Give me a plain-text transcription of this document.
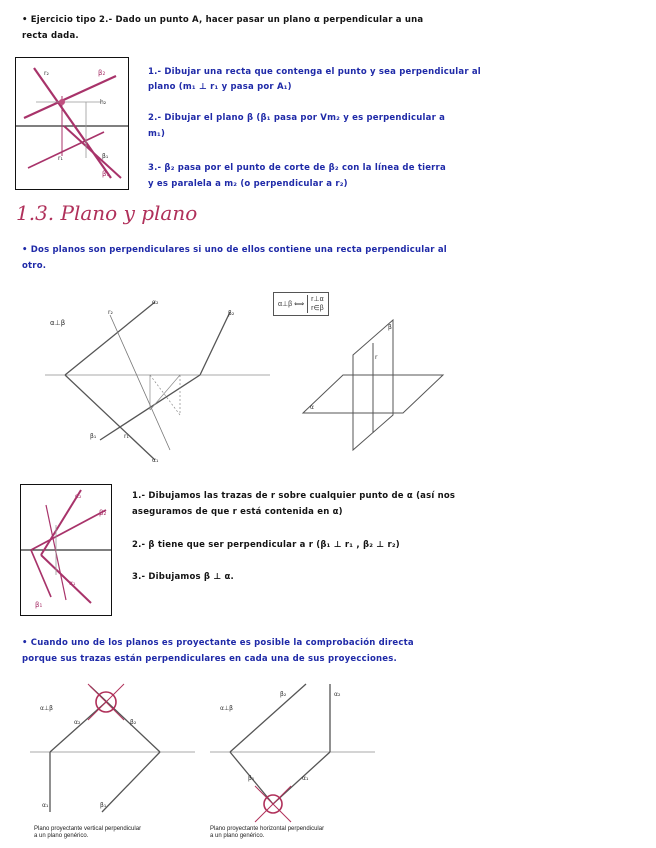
• Ejercicio tipo 2.- Dado un punto A, hacer pasar un plano α perpendicular a una
recta dada.
r₂	β₂
h₂
β₁
β₁
r₁
1.- Dibujar una recta que contenga el punto y sea perpendicular al
plano (m₁ ⊥ r₁ y pasa por A₁)
2.- Dibujar el plano β (β₁ pasa por Vm₂ y es perpendicular a
m₁)
3.- β₂ pasa por el punto de corte de β₂ con la línea de tierra
y es paralela a m₂ (o perpendicular a r₂)
1.3. Plano y plano
• Dos planos son perpendiculares si uno de ellos contiene una recta perpendicular al
otro.
α⊥β
α₂
r₂	β₂
β₁	r₁
α₁
α⊥β ⟺
r⊥α
r∈β
β
r
α
α₂
β₂
α₁
β₁
1.- Dibujamos las trazas de r sobre cualquier punto de α (así nos
aseguramos de que r está contenida en α)
2.- β tiene que ser perpendicular a r (β₁ ⊥ r₁ , β₂ ⊥ r₂)
3.- Dibujamos β ⊥ α.
• Cuando uno de los planos es proyectante es posible la comprobación directa
porque sus trazas están perpendiculares en cada una de sus proyecciones.
α⊥β
α₂	β₂
α₁	β₁
Plano proyectante vertical perpendicular
a un plano genérico.
α⊥β
β₂	α₂
β₁	α₁
Plano proyectante horizontal perpendicular
a un plano genérico.
